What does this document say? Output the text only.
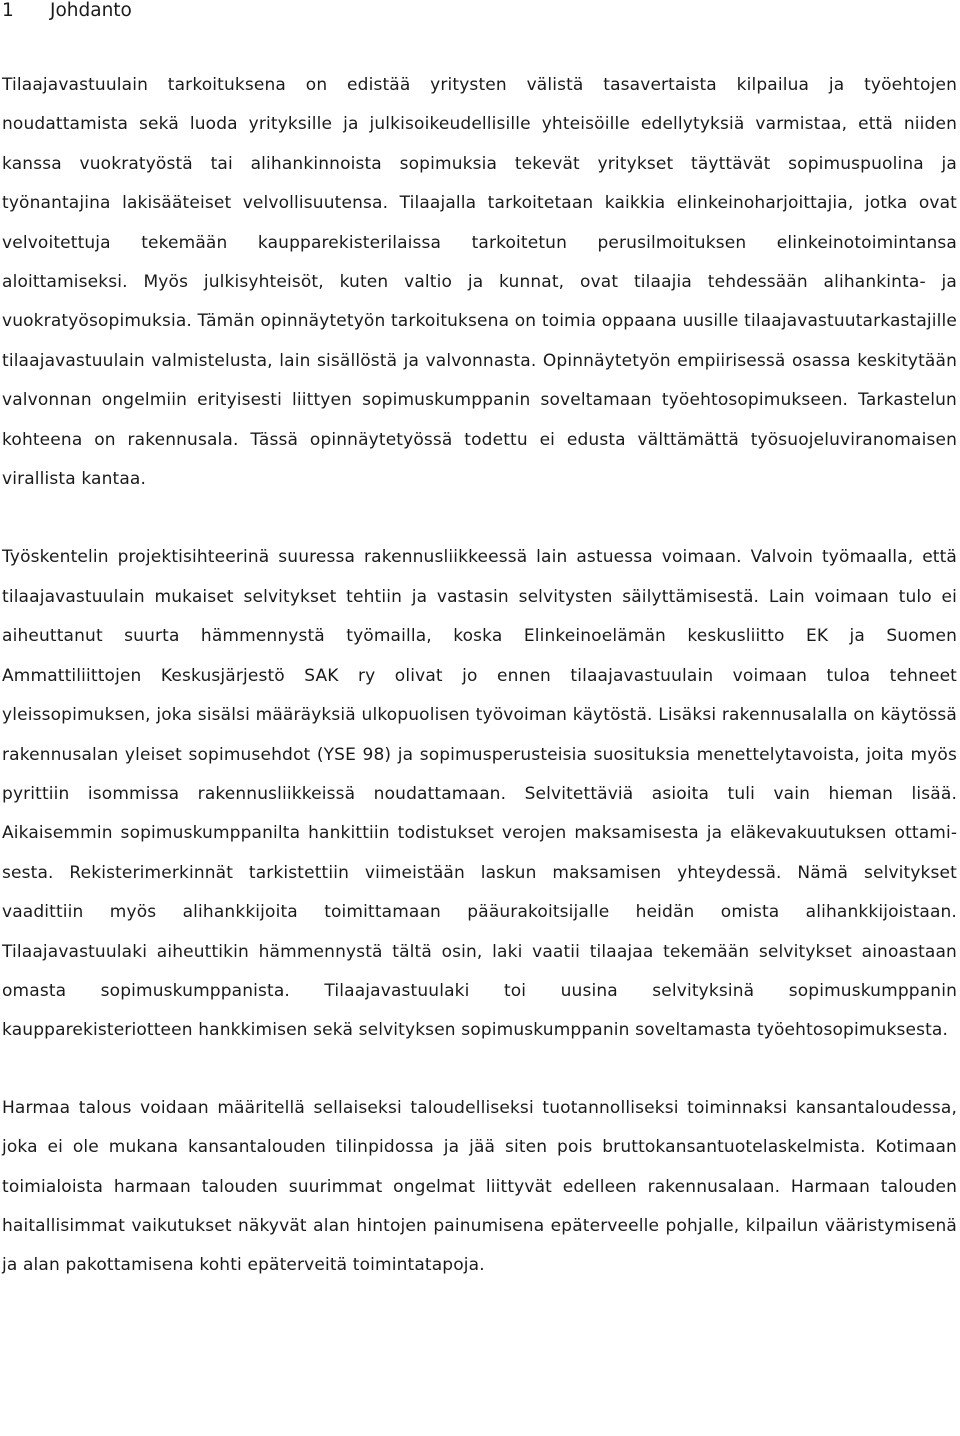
1 Johdanto

Tilaajavastuulain tarkoituksena on edistää yritysten välistä tasavertaista kilpailua ja työehtojen noudattamista sekä luoda yrityksille ja julkisoikeudellisille yhteisöille edellytyksiä varmistaa, että niiden kanssa vuokratyöstä tai alihankinnoista sopimuksia tekevät yritykset täyttävät sopimuspuolina ja työnantajina lakisääteiset velvollisuutensa. Tilaajalla tarkoitetaan kaikkia elinkeinoharjoittajia, jotka ovat velvoitettuja tekemään kaupparekisterilaissa tarkoitetun perusilmoituksen elinkeinotoimintansa aloittamiseksi. Myös julkisyhteisöt, kuten valtio ja kunnat, ovat tilaajia tehdessään alihankinta- ja vuokratyösopimuksia. Tämän opinnäytetyön tarkoituksena on toimia oppaana uusille tilaajavastuutarkastajille tilaajavastuulain valmistelusta, lain sisällöstä ja valvonnasta. Opinnäytetyön empiirisessä osassa keskitytään valvonnan ongelmiin erityisesti liittyen sopimuskumppanin soveltamaan työehtosopimukseen. Tarkastelun kohteena on rakennusala. Tässä opinnäytetyössä todettu ei edusta välttämättä työsuojeluviranomaisen virallista kantaa.

Työskentelin projektisihteerinä suuressa rakennusliikkeessä lain astuessa voimaan. Valvoin työmaalla, että tilaajavastuulain mukaiset selvitykset tehtiin ja vastasin selvitysten säilyttämisestä. Lain voimaan tulo ei aiheuttanut suurta hämmennystä työmailla, koska Elinkeinoelämän keskusliitto EK ja Suomen Ammattiliittojen Keskusjärjestö SAK ry olivat jo ennen tilaajavastuulain voimaan tuloa tehneet yleissopimuksen, joka sisälsi määräyksiä ulkopuolisen työvoiman käytöstä. Lisäksi rakennusalalla on käytössä rakennusalan yleiset sopimusehdot (YSE 98) ja sopimusperusteisia suosituksia menettelytavoista, joita myös pyrittiin isommissa rakennusliikkeissä noudattamaan. Selvitettäviä asioita tuli vain hieman lisää. Aikaisemmin sopimuskumppanilta hankittiin todistukset verojen maksamisesta ja eläkevakuutuksen ottamisesta. Rekisterimerkinnät tarkistettiin viimeistään laskun maksamisen yhteydessä. Nämä selvitykset vaadittiin myös alihankkijoita toimittamaan pääurakoitsijalle heidän omista alihankkijoistaan. Tilaajavastuulaki aiheuttikin hämmennystä tältä osin, laki vaatii tilaajaa tekemään selvitykset ainoastaan omasta sopimuskumppanista. Tilaajavastuulaki toi uusina selvityksinä sopimuskumppanin kaupparekisteriotteen hankkimisen sekä selvityksen sopimuskumppanin soveltamasta työehtosopimuksesta.

Harmaa talous voidaan määritellä sellaiseksi taloudelliseksi tuotannolliseksi toiminnaksi kansantaloudessa, joka ei ole mukana kansantalouden tilinpidossa ja jää siten pois bruttokansantuotelaskelmista. Kotimaan toimialoista harmaan talouden suurimmat ongelmat liittyvät edelleen rakennusalaan. Harmaan talouden haitallisimmat vaikutukset näkyvät alan hintojen painumisena epäterveelle pohjalle, kilpailun vääristymisenä ja alan pakottamisena kohti epäterveitä toimintatapoja.
